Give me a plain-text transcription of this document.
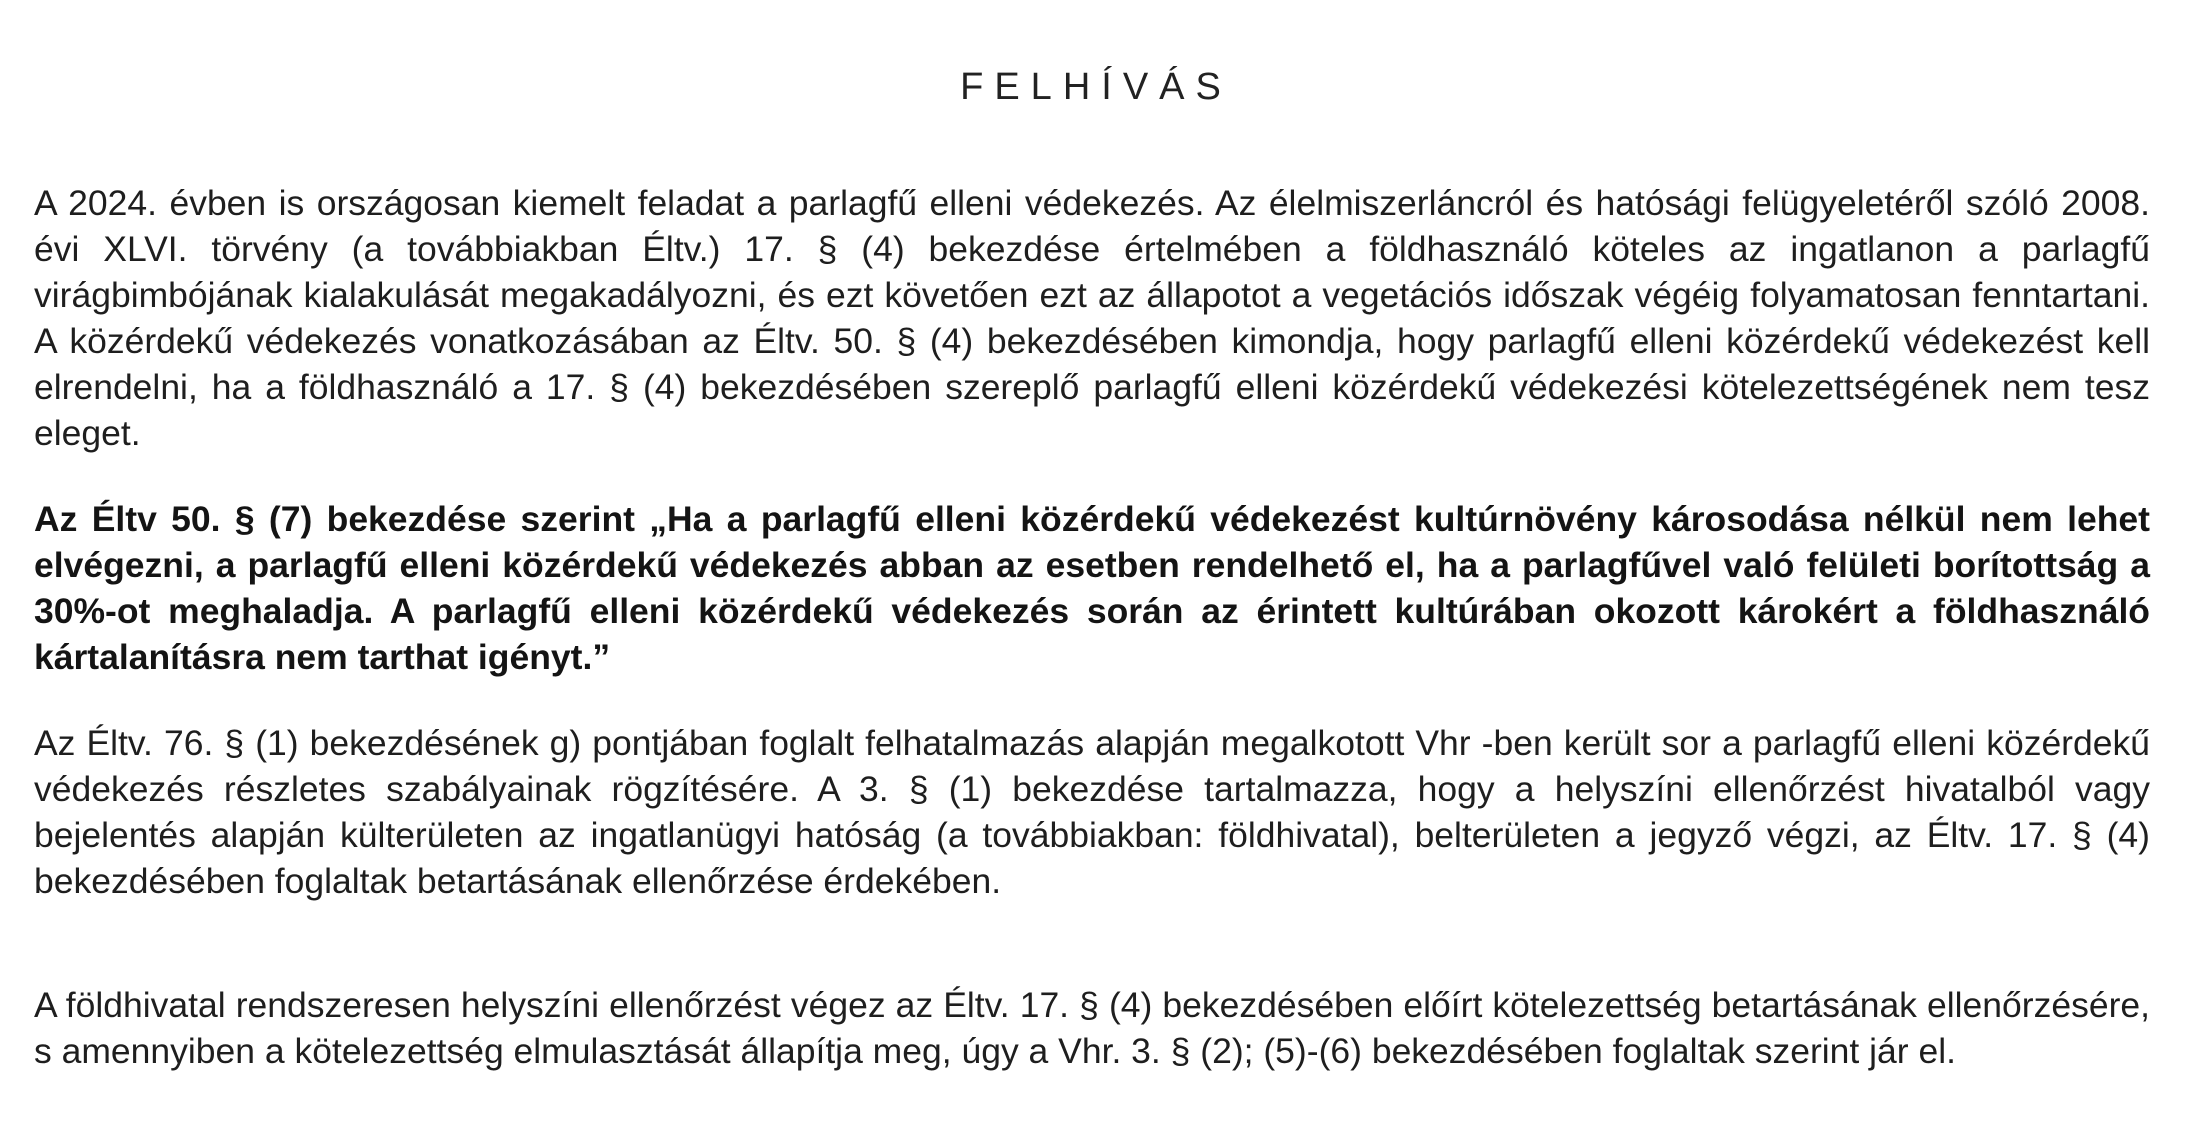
FELHÍVÁS

A 2024. évben is országosan kiemelt feladat a parlagfű elleni védekezés. Az élelmiszerláncról és hatósági felügyeletéről szóló 2008. évi XLVI. törvény (a továbbiakban Éltv.) 17. § (4) bekezdése értelmében a földhasználó köteles az ingatlanon a parlagfű virágbimbójának kialakulását megakadályozni, és ezt követően ezt az állapotot a vegetációs időszak végéig folyamatosan fenntartani. A közérdekű védekezés vonatkozásában az Éltv. 50. § (4) bekezdésében kimondja, hogy parlagfű elleni közérdekű védekezést kell elrendelni, ha a földhasználó a 17. § (4) bekezdésében szereplő parlagfű elleni közérdekű védekezési kötelezettségének nem tesz eleget.

Az Éltv 50. § (7) bekezdése szerint „Ha a parlagfű elleni közérdekű védekezést kultúrnövény károsodása nélkül nem lehet elvégezni, a parlagfű elleni közérdekű védekezés abban az esetben rendelhető el, ha a parlagfűvel való felületi borítottság a 30%-ot meghaladja. A parlagfű elleni közérdekű védekezés során az érintett kultúrában okozott károkért a földhasználó kártalanításra nem tarthat igényt.”

Az Éltv. 76. § (1) bekezdésének g) pontjában foglalt felhatalmazás alapján megalkotott Vhr -ben került sor a parlagfű elleni közérdekű védekezés részletes szabályainak rögzítésére. A 3. § (1) bekezdése tartalmazza, hogy a helyszíni ellenőrzést hivatalból vagy bejelentés alapján külterületen az ingatlanügyi hatóság (a továbbiakban: földhivatal), belterületen a jegyző végzi, az Éltv. 17. § (4) bekezdésében foglaltak betartásának ellenőrzése érdekében.

A földhivatal rendszeresen helyszíni ellenőrzést végez az Éltv. 17. § (4) bekezdésében előírt kötelezettség betartásának ellenőrzésére, s amennyiben a kötelezettség elmulasztását állapítja meg, úgy a Vhr. 3. § (2); (5)-(6) bekezdésében foglaltak szerint jár el.
